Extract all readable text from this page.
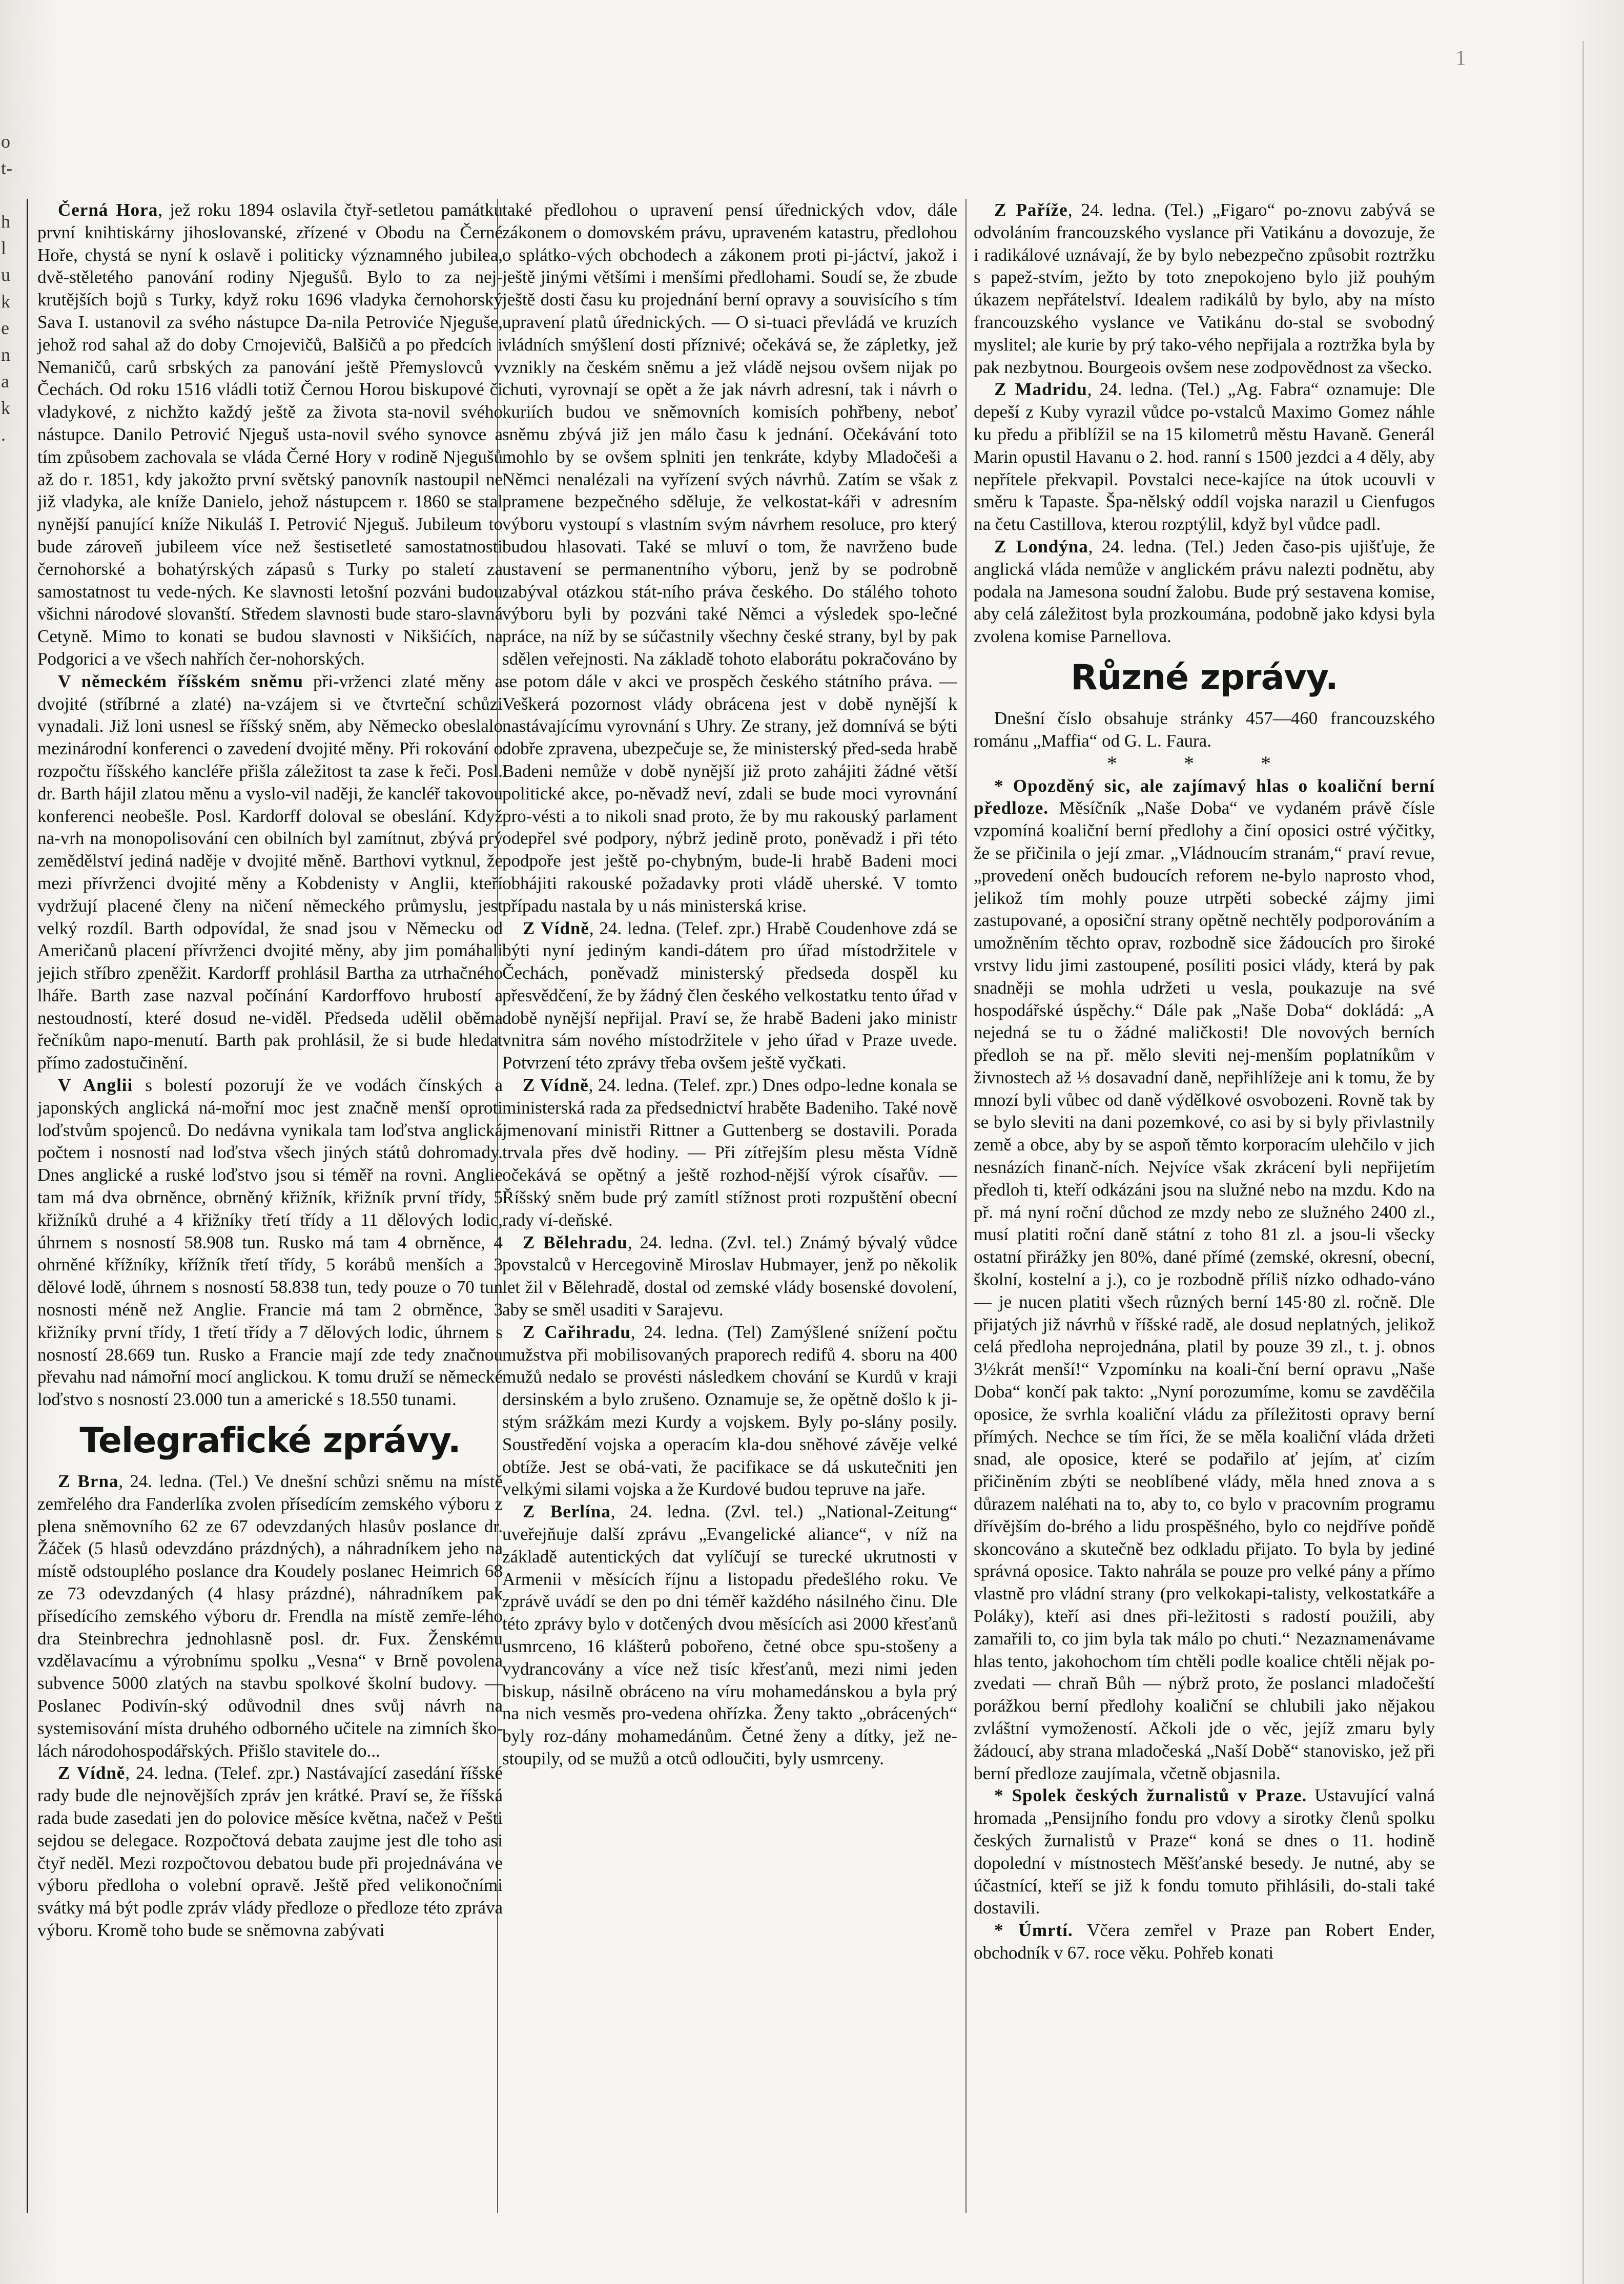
o
t-

h
l
u
k
e
n
a
k
.
1

Černá Hora, jež roku 1894 oslavila čtyř-setletou památku první knihtiskárny jihoslovanské, zřízené v Obodu na Černé Hoře, chystá se nyní k oslavě i politicky významného jubilea, dvě-stěletého panování rodiny Njegušů. Bylo to za nej-krutějších bojů s Turky, když roku 1696 vladyka černohorský Sava I. ustanovil za svého nástupce Da-nila Petroviće Njeguše, jehož rod sahal až do doby Crnojevičů, Balšičů a po předcích i Nemaničů, carů srbských za panování ještě Přemyslovců v Čechách. Od roku 1516 vládli totiž Černou Horou biskupové či vladykové, z nichžto každý ještě za života sta-novil svého nástupce. Danilo Petrović Njeguš usta-novil svého synovce a tím způsobem zachovala se vláda Černé Hory v rodině Njegušů až do r. 1851, kdy jakožto první světský panovník nastoupil ne již vladyka, ale kníže Danielo, jehož nástupcem r. 1860 se stal nynější panující kníže Nikuláš I. Petrović Njeguš. Jubileum to bude zároveň jubileem více než šestisetleté samostatnosti černohorské a bohatýrských zápasů s Turky po staletí za samostatnost tu vede-ných. Ke slavnosti letošní pozváni budou všichni národové slovanští. Středem slavnosti bude staro-slavná Cetyně. Mimo to konati se budou slavnosti v Nikšićích, na Podgorici a ve všech nahřích čer-nohorských.

V německém říšském sněmu při-vrženci zlaté měny a dvojité (stříbrné a zlaté) na-vzájem si ve čtvrteční schůzi vynadali. Již loni usnesl se říšský sněm, aby Německo obeslalo mezinárodní konferenci o zavedení dvojité měny. Při rokování o rozpočtu říšského kancléře přišla záležitost ta zase k řeči. Posl. dr. Barth hájil zlatou měnu a vyslo-vil naději, že kancléř takovou konferenci neobešle. Posl. Kardorff doloval se obeslání. Když na-vrh na monopolisování cen obilních byl zamítnut, zbývá prý zemědělství jediná naděje v dvojité měně. Barthovi vytknul, že mezi přívrženci dvojité měny a Kobdenisty v Anglii, kteří vydržují placené členy na ničení německého průmyslu, jest velký rozdíl. Barth odpovídal, že snad jsou v Německu od Američanů placení přívrženci dvojité měny, aby jim pomáhali jejich stříbro zpeněžit. Kardorff prohlásil Bartha za utrhačného lháře. Barth zase nazval počínání Kardorffovo hrubostí a nestoudností, které dosud ne-viděl. Předseda udělil oběma řečníkům napo-menutí. Barth pak prohlásil, že si bude hledat přímo zadostučinění.

V Anglii s bolestí pozorují že ve vodách čínských a japonských anglická ná-mořní moc jest značně menší oproti loďstvům spojenců. Do nedávna vynikala tam loďstva anglická počtem i nosností nad loďstva všech jiných států dohromady. Dnes anglické a ruské loďstvo jsou si téměř na rovni. Anglie tam má dva obrněnce, obrněný křižník, křižník první třídy, 5 křižníků druhé a 4 křižníky třetí třídy a 11 dělových lodic, úhrnem s nosností 58.908 tun. Rusko má tam 4 obrněnce, 4 ohrněné křížníky, křížník třetí třídy, 5 korábů menších a 3 dělové lodě, úhrnem s nosností 58.838 tun, tedy pouze o 70 tun nosnosti méně než Anglie. Francie má tam 2 obrněnce, 3 křižníky první třídy, 1 třetí třídy a 7 dělových lodic, úhrnem s nosností 28.669 tun. Rusko a Francie mají zde tedy značnou převahu nad námořní mocí anglickou. K tomu druží se německé loďstvo s nosností 23.000 tun a americké s 18.550 tunami.

Telegrafické zprávy.

Z Brna, 24. ledna. (Tel.) Ve dnešní schůzi sněmu na místě zemřelého dra Fanderlíka zvolen přísedícím zemského výboru z plena sněmovního 62 ze 67 odevzdaných hlasův poslance dr. Žáček (5 hlasů odevzdáno prázdných), a náhradníkem jeho na místě odstouplého poslance dra Koudely poslanec Heimrich 68 ze 73 odevzdaných (4 hlasy prázdné), náhradníkem pak přísedícího zemského výboru dr. Frendla na místě zemře-lého dra Steinbrechra jednohlasně posl. dr. Fux. Ženskému vzdělavacímu a výrobnímu spolku „Vesna“ v Brně povolena subvence 5000 zlatých na stavbu spolkové školní budovy. — Poslanec Podivín-ský odůvodnil dnes svůj návrh na systemisování místa druhého odborného učitele na zimních ško-lách národohospodářských. Přišlo stavitele do...

Z Vídně, 24. ledna. (Telef. zpr.) Nastávající zasedání říšské rady bude dle nejnovějších zpráv jen krátké. Praví se, že říšská rada bude zasedati jen do polovice měsíce května, načež v Pešti sejdou se delegace. Rozpočtová debata zaujme jest dle toho asi čtyř neděl. Mezi rozpočtovou debatou bude při projednávána ve výboru předloha o volební opravě. Ještě před velikonočními svátky má být podle zpráv vlády předloze o předloze této zpráva výboru. Kromě toho bude se sněmovna zabývati

také předlohou o upravení pensí úřednických vdov, dále zákonem o domovském právu, upraveném katastru, předlohou o splátko-vých obchodech a zákonem proti pi-jáctví, jakož i ještě jinými většími i menšími předlohami. Soudí se, že zbude ještě dosti času ku projednání berní opravy a souvisícího s tím upravení platů úřednických. — O si-tuaci převládá ve kruzích vládních smýšlení dosti příznivé; očekává se, že zápletky, jež vznikly na českém sněmu a jež vládě nejsou ovšem nijak po chuti, vyrovnají se opět a že jak návrh adresní, tak i návrh o kuriích budou ve sněmovních komisích pohřbeny, neboť sněmu zbývá již jen málo času k jednání. Očekávání toto mohlo by se ovšem splniti jen tenkráte, kdyby Mladočeši a Němci nenalézali na vyřízení svých návrhů. Zatím se však z pramene bezpečného sděluje, že velkostat-káři v adresním výboru vystoupí s vlastním svým návrhem resoluce, pro který budou hlasovati. Také se mluví o tom, že navrženo bude ustavení se permanentního výboru, jenž by se podrobně zabýval otázkou stát-ního práva českého. Do stálého tohoto výboru byli by pozváni také Němci a výsledek spo-lečné práce, na níž by se súčastnily všechny české strany, byl by pak sdělen veřejnosti. Na základě tohoto elaborátu pokračováno by se potom dále v akci ve prospěch českého státního práva. — Veškerá pozornost vlády obrácena jest v době nynější k nastávajícímu vyrovnání s Uhry. Ze strany, jež domnívá se býti dobře zpravena, ubezpečuje se, že ministerský před-seda hrabě Badeni nemůže v době nynější již proto zahájiti žádné větší politické akce, po-něvadž neví, zdali se bude moci vyrovnání pro-vésti a to nikoli snad proto, že by mu rakouský parlament odepřel své podpory, nýbrž jedině proto, poněvadž i při této podpoře jest ještě po-chybným, bude-li hrabě Badeni moci obhájiti rakouské požadavky proti vládě uherské. V tomto případu nastala by u nás ministerská krise.

Z Vídně, 24. ledna. (Telef. zpr.) Hrabě Coudenhove zdá se býti nyní jediným kandi-dátem pro úřad místodržitele v Čechách, poněvadž ministerský předseda dospěl ku přesvědčení, že by žádný člen českého velkostatku tento úřad v době nynější nepřijal. Praví se, že hrabě Badeni jako ministr vnitra sám nového místodržitele v jeho úřad v Praze uvede. Potvrzení této zprávy třeba ovšem ještě vyčkati.

Z Vídně, 24. ledna. (Telef. zpr.) Dnes odpo-ledne konala se ministerská rada za předsednictví hraběte Badeniho. Také nově jmenovaní ministři Rittner a Guttenberg se dostavili. Porada trvala přes dvě hodiny. — Při zítřejším plesu města Vídně očekává se opětný a ještě rozhod-nější výrok císařův. — Říšský sněm bude prý zamítl stížnost proti rozpuštění obecní rady ví-deňské.

Z Bělehradu, 24. ledna. (Zvl. tel.) Známý bývalý vůdce povstalců v Hercegovině Miroslav Hubmayer, jenž po několik let žil v Bělehradě, dostal od zemské vlády bosenské dovolení, aby se směl usaditi v Sarajevu.

Z Cařihradu, 24. ledna. (Tel) Zamýšlené snížení počtu mužstva při mobilisovaných praporech redifů 4. sboru na 400 mužů nedalo se provésti následkem chování se Kurdů v kraji dersinském a bylo zrušeno. Oznamuje se, že opětně došlo k ji-stým srážkám mezi Kurdy a vojskem. Byly po-slány posily. Soustředění vojska a operacím kla-dou sněhové závěje velké obtíže. Jest se obá-vati, že pacifikace se dá uskutečniti jen velkými silami vojska a že Kurdové budou tepruve na jaře.

Z Berlína, 24. ledna. (Zvl. tel.) „National-Zeitung“ uveřejňuje další zprávu „Evangelické aliance“, v níž na základě autentických dat vylíčují se turecké ukrutnosti v Armenii v měsících říjnu a listopadu předešlého roku. Ve zprávě uvádí se den po dni téměř každého násilného činu. Dle této zprávy bylo v dotčených dvou měsících asi 2000 křesťanů usmrceno, 16 klášterů pobořeno, četné obce spu-stošeny a vydrancovány a více než tisíc křesťanů, mezi nimi jeden biskup, násilně obráceno na víru mohamedánskou a byla prý na nich vesměs pro-vedena ohřízka. Ženy takto „obrácených“ byly roz-dány mohamedánům. Četné ženy a dítky, jež ne-stoupily, od se mužů a otců odloučiti, byly usmrceny.

Z Paříže, 24. ledna. (Tel.) „Figaro“ po-znovu zabývá se odvoláním francouzského vyslance při Vatikánu a dovozuje, že i radikálové uznávají, že by bylo nebezpečno způsobit roztržku s papež-stvím, ježto by toto znepokojeno bylo již pouhým úkazem nepřátelství. Idealem radikálů by bylo, aby na místo francouzského vyslance ve Vatikánu do-stal se svobodný myslitel; ale kurie by prý tako-vého nepřijala a roztržka byla by pak nezbytnou. Bourgeois ovšem nese zodpovědnost za všecko.

Z Madridu, 24. ledna. (Tel.) „Ag. Fabra“ oznamuje: Dle depeší z Kuby vyrazil vůdce po-vstalců Maximo Gomez náhle ku předu a přiblížil se na 15 kilometrů městu Havaně. Generál Marin opustil Havanu o 2. hod. ranní s 1500 jezdci a 4 děly, aby nepřítele překvapil. Povstalci nece-kajíce na útok ucouvli v směru k Tapaste. Špa-nělský oddíl vojska narazil u Cienfugos na četu Castillova, kterou rozptýlil, když byl vůdce padl.

Z Londýna, 24. ledna. (Tel.) Jeden časo-pis ujišťuje, že anglická vláda nemůže v anglickém právu nalezti podnětu, aby podala na Jamesona soudní žalobu. Bude prý sestavena komise, aby celá záležitost byla prozkoumána, podobně jako kdysi byla zvolena komise Parnellova.

Různé zprávy.

Dnešní číslo obsahuje stránky 457—460 francouzského románu „Maffia“ od G. L. Faura.

* * *

* Opozděný sic, ale zajímavý hlas o koaliční berní předloze. Měsíčník „Naše Doba“ ve vydaném právě čísle vzpomíná koaliční berní předlohy a činí oposici ostré výčitky, že se přičinila o její zmar. „Vládnoucím stranám,“ praví revue, „provedení oněch budoucích reforem ne-bylo naprosto vhod, jelikož tím mohly pouze utrpěti sobecké zájmy jimi zastupované, a oposiční strany opětně nechtěly podporováním a umožněním těchto oprav, rozbodně sice žádoucích pro široké vrstvy lidu jimi zastoupené, posíliti posici vlády, která by pak snadněji se mohla udržeti u vesla, poukazuje na své hospodářské úspěchy.“ Dále pak „Naše Doba“ dokládá: „A nejedná se tu o žádné maličkosti! Dle novových berních předloh se na př. mělo sleviti nej-menším poplatníkům v živnostech až ⅓ dosavadní daně, nepřihlížeje ani k tomu, že by mnozí byli vůbec od daně výdělkové osvobozeni. Rovně tak by se bylo sleviti na dani pozemkové, co asi by si byly přivlastnily země a obce, aby by se aspoň těmto korporacím ulehčilo v jich nesnázích finanč-ních. Nejvíce však zkrácení byli nepřijetím předloh ti, kteří odkázáni jsou na služné nebo na mzdu. Kdo na př. má nyní roční důchod ze mzdy nebo ze služného 2400 zl., musí platiti roční daně státní z toho 81 zl. a jsou-li všecky ostatní přirážky jen 80%, dané přímé (zemské, okresní, obecní, školní, kostelní a j.), co je rozbodně příliš nízko odhado-váno — je nucen platiti všech různých berní 145·80 zl. ročně. Dle přijatých již návrhů v říšské radě, ale dosud neplatných, jelikož celá předloha neprojednána, platil by pouze 39 zl., t. j. obnos 3½krát menší!“ Vzpomínku na koali-ční berní opravu „Naše Doba“ končí pak takto: „Nyní porozumíme, komu se zavděčila oposice, že svrhla koaliční vládu za příležitosti opravy berní přímých. Nechce se tím říci, že se měla koaliční vláda držeti snad, ale oposice, které se podařilo ať jejím, ať cizím přičiněním zbýti se neoblíbené vlády, měla hned znova a s důrazem naléhati na to, aby to, co bylo v pracovním programu dřívějším do-brého a lidu prospěšného, bylo co nejdříve poňdě skoncováno a skutečně bez odkladu přijato. To byla by jediné správná oposice. Takto nahrála se pouze pro velké pány a přímo vlastně pro vládní strany (pro velkokapi-talisty, velkostatkáře a Poláky), kteří asi dnes při-ležitosti s radostí použili, aby zamařili to, co jim byla tak málo po chuti.“ Nezaznamenávame hlas tento, jakohochom tím chtěli podle koalice chtěli nějak po-zvedati — chraň Bůh — nýbrž proto, že poslanci mladočeští porážkou berní předlohy koaliční se chlubili jako nějakou zvláštní vymožeností. Ačkoli jde o věc, jejíž zmaru byly žádoucí, aby strana mladočeská „Naší Době“ stanovisko, jež při berní předloze zaujímala, včetně objasnila.

* Spolek českých žurnalistů v Praze. Ustavující valná hromada „Pensijního fondu pro vdovy a sirotky členů spolku českých žurnalistů v Praze“ koná se dnes o 11. hodině dopolední v místnostech Měšťanské besedy. Je nutné, aby se účastnící, kteří se již k fondu tomuto přihlásili, do-stali také dostavili.

* Úmrtí. Včera zemřel v Praze pan Robert Ender, obchodník v 67. roce věku. Pohřeb konati
